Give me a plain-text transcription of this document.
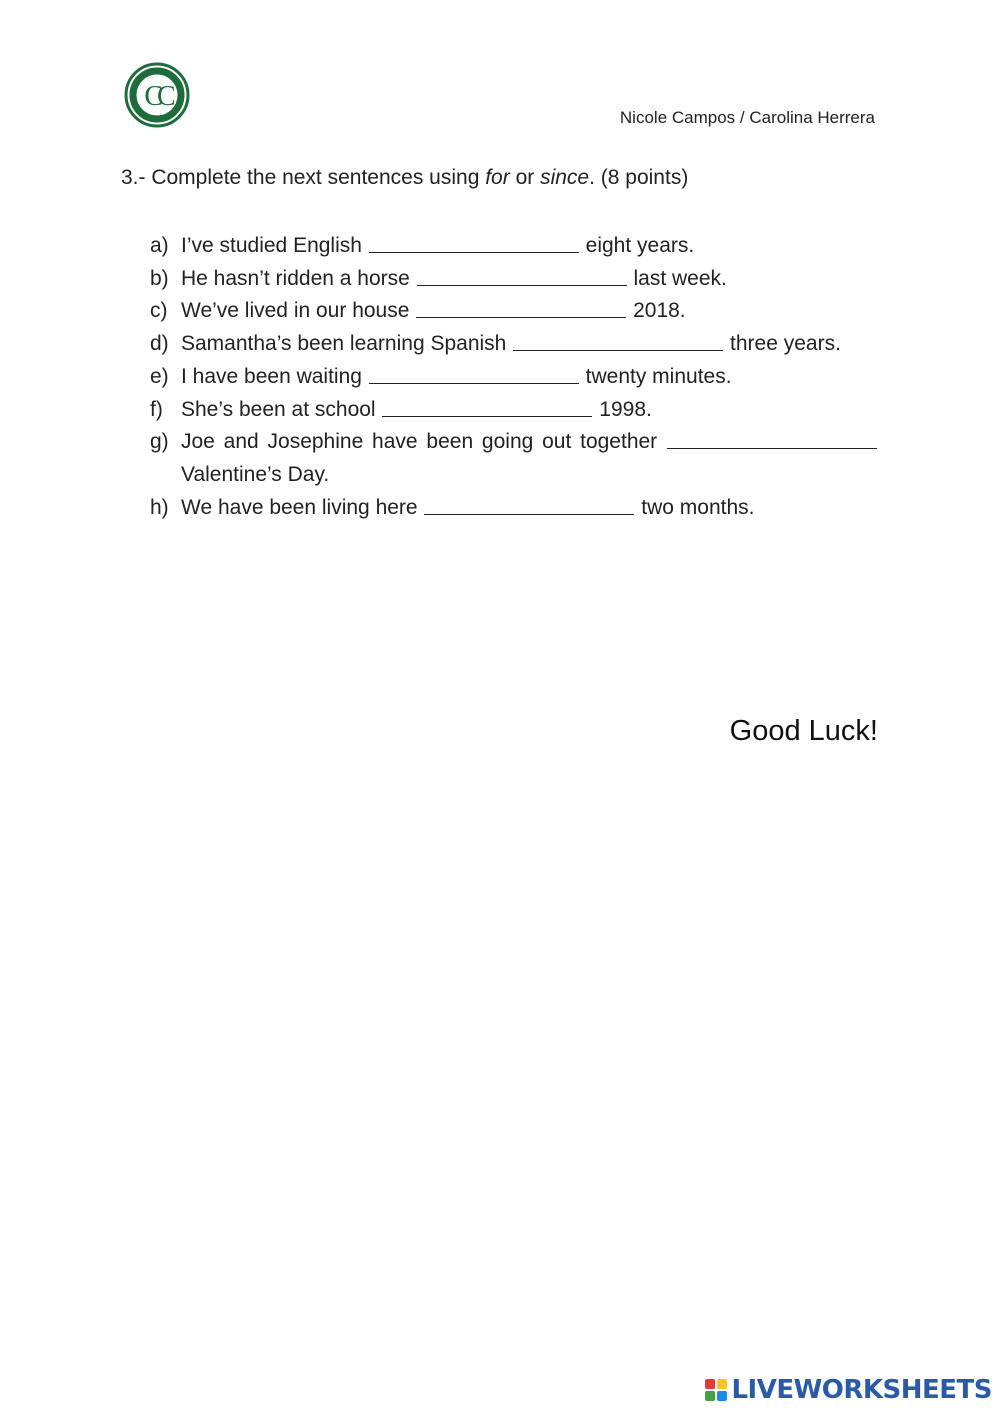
CC
Nicole Campos / Carolina Herrera
3.- Complete the next sentences using for or since. (8 points)
a) I’ve studied English	eight years.
b) He hasn’t ridden a horse	last week.
c) We’ve lived in our house	2018.
d) Samantha’s been learning Spanish	three years.
e) I have been waiting	twenty minutes.
f) She’s been at school	1998.
g) Joe and Josephine have been going out together  Valentine’s Day.
h) We have been living here	two months.
Good Luck!
LIVEWORKSHEETS
